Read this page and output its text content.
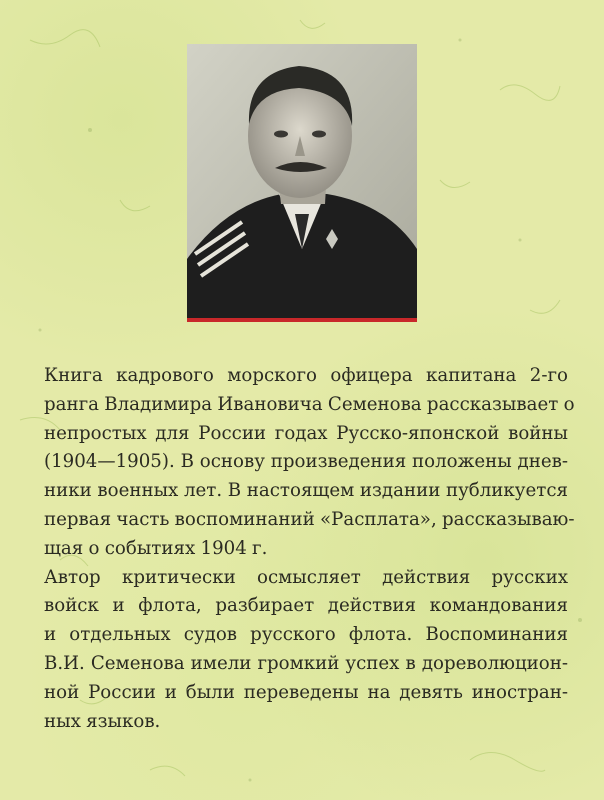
Книга кадрового морского офицера капитана 2-го
ранга Владимира Ивановича Семенова рассказывает о
непростых для России годах Русско-японской войны
(1904—1905). В основу произведения положены днев-
ники военных лет. В настоящем издании публикуется
первая часть воспоминаний «Расплата», рассказываю-
щая о событиях 1904 г.

Автор критически осмысляет действия русских
войск и флота, разбирает действия командования
и отдельных судов русского флота. Воспоминания
В.И. Семенова имели громкий успех в дореволюцион-
ной России и были переведены на девять иностран-
ных языков.
